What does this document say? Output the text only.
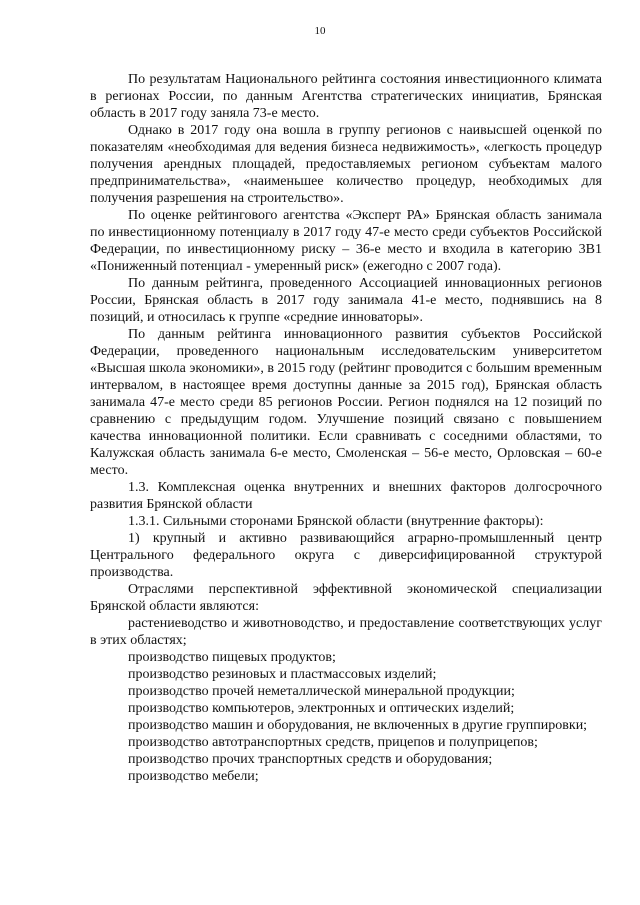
10

По результатам Национального рейтинга состояния инвестиционного климата в регионах России, по данным Агентства стратегических инициатив, Брянская область в 2017 году заняла 73-е место.

Однако в 2017 году она вошла в группу регионов с наивысшей оценкой по показателям «необходимая для ведения бизнеса недвижимость», «легкость процедур получения арендных площадей, предоставляемых регионом субъектам малого предпринимательства», «наименьшее количество процедур, необходимых для получения разрешения на строительство».

По оценке рейтингового агентства «Эксперт РА» Брянская область занимала по инвестиционному потенциалу в 2017 году 47-е место среди субъектов Российской Федерации, по инвестиционному риску – 36-е место и входила в категорию 3В1 «Пониженный потенциал - умеренный риск» (ежегодно с 2007 года).

По данным рейтинга, проведенного Ассоциацией инновационных регионов России, Брянская область в 2017 году занимала 41-е место, поднявшись на 8 позиций, и относилась к группе «средние инноваторы».

По данным рейтинга инновационного развития субъектов Российской Федерации, проведенного национальным исследовательским университетом «Высшая школа экономики», в 2015 году (рейтинг проводится с большим временным интервалом, в настоящее время доступны данные за 2015 год), Брянская область занимала 47-е место среди 85 регионов России. Регион поднялся на 12 позиций по сравнению с предыдущим годом. Улучшение позиций связано с повышением качества инновационной политики. Если сравнивать с соседними областями, то Калужская область занимала 6-е место, Смоленская – 56-е место, Орловская – 60-е место.

1.3. Комплексная оценка внутренних и внешних факторов долгосрочного развития Брянской области

1.3.1. Сильными сторонами Брянской области (внутренние факторы):

1) крупный и активно развивающийся аграрно-промышленный центр Центрального федерального округа с диверсифицированной структурой производства.

Отраслями перспективной эффективной экономической специализации Брянской области являются:

растениеводство и животноводство, и предоставление соответствующих услуг в этих областях;

производство пищевых продуктов;

производство резиновых и пластмассовых изделий;

производство прочей неметаллической минеральной продукции;

производство компьютеров, электронных и оптических изделий;

производство машин и оборудования, не включенных в другие группировки;

производство автотранспортных средств, прицепов и полуприцепов;

производство прочих транспортных средств и оборудования;

производство мебели;
